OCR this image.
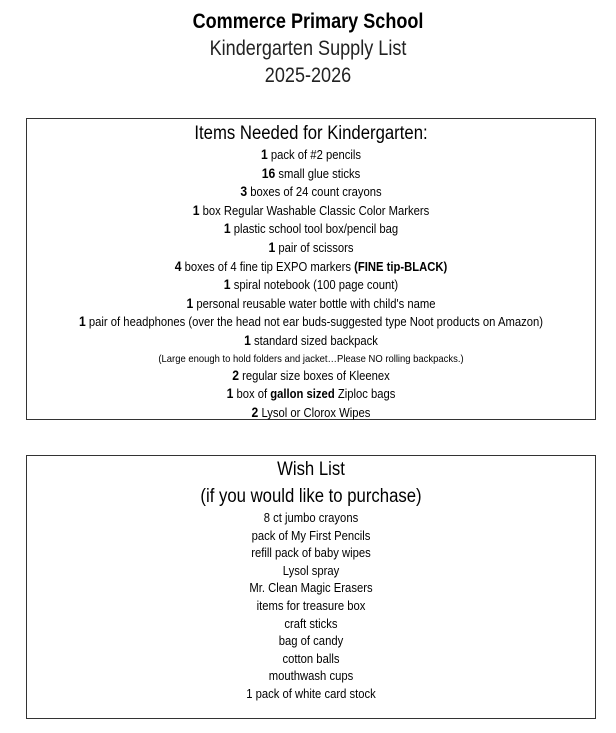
Commerce Primary School
Kindergarten Supply List
2025-2026
Items Needed for Kindergarten:
1 pack of #2 pencils
16 small glue sticks
3 boxes of 24 count crayons
1 box Regular Washable Classic Color Markers
1 plastic school tool box/pencil bag
1 pair of scissors
4 boxes of 4 fine tip EXPO markers (FINE tip-BLACK)
1 spiral notebook (100 page count)
1 personal reusable water bottle with child's name
1 pair of headphones (over the head not ear buds-suggested type Noot products on Amazon)
1 standard sized backpack
(Large enough to hold folders and jacket…Please NO rolling backpacks.)
2 regular size boxes of Kleenex
1 box of gallon sized Ziploc bags
2 Lysol or Clorox Wipes
Wish List
(if you would like to purchase)
8 ct jumbo crayons
pack of My First Pencils
refill pack of baby wipes
Lysol spray
Mr. Clean Magic Erasers
items for treasure box
craft sticks
bag of candy
cotton balls
mouthwash cups
1 pack of white card stock
